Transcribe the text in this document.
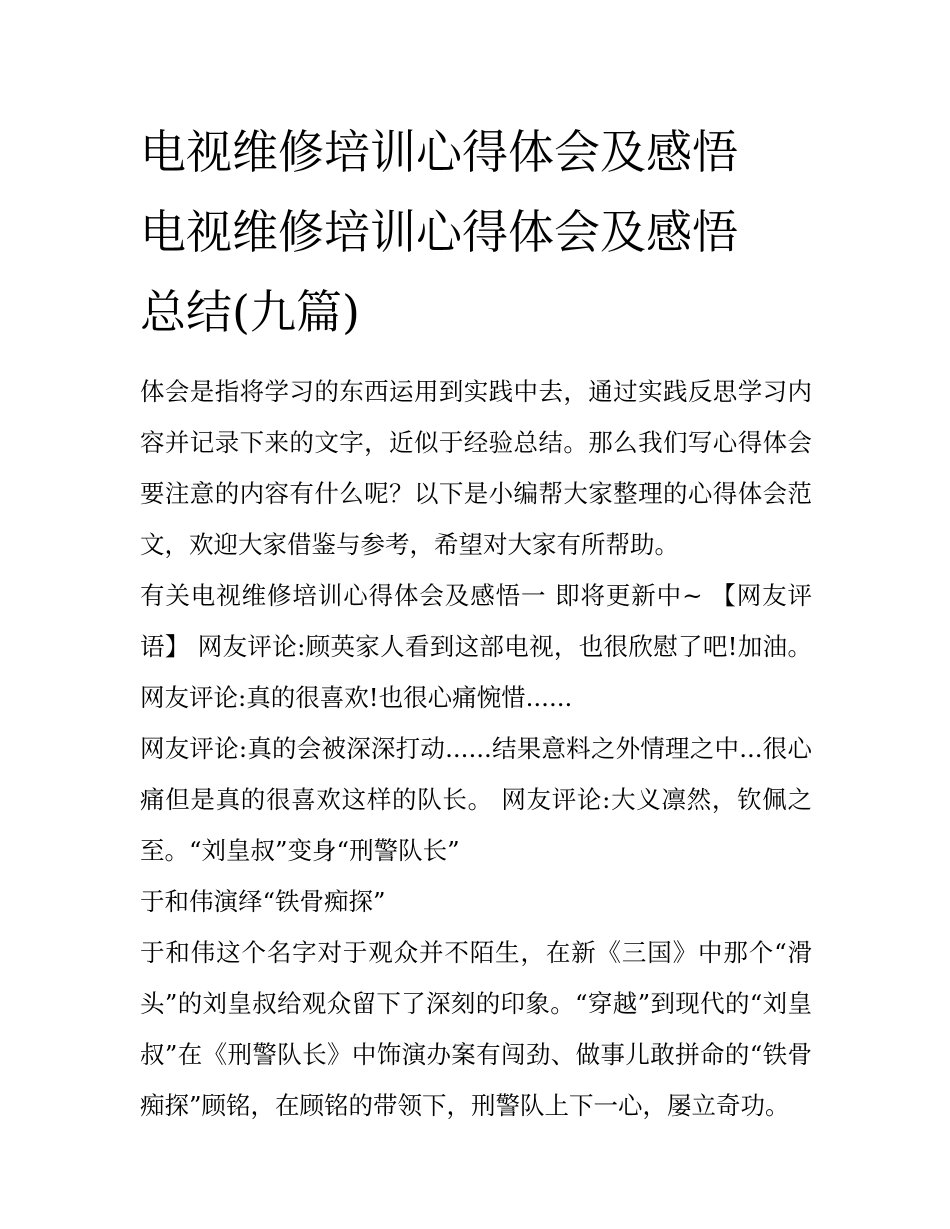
电视维修培训心得体会及感悟
电视维修培训心得体会及感悟
总结(九篇)

体会是指将学习的东西运用到实践中去，通过实践反思学习内容并记录下来的文字，近似于经验总结。那么我们写心得体会要注意的内容有什么呢？以下是小编帮大家整理的心得体会范文，欢迎大家借鉴与参考，希望对大家有所帮助。

有关电视维修培训心得体会及感悟一 即将更新中~ 【网友评语】 网友评论:顾英家人看到这部电视，也很欣慰了吧!加油。网友评论:真的很喜欢!也很心痛惋惜......

网友评论:真的会被深深打动......结果意料之外情理之中...很心痛但是真的很喜欢这样的队长。 网友评论:大义凛然，钦佩之至。“刘皇叔”变身“刑警队长”

于和伟演绎“铁骨痴探”

于和伟这个名字对于观众并不陌生，在新《三国》中那个“滑头”的刘皇叔给观众留下了深刻的印象。“穿越”到现代的“刘皇叔”在《刑警队长》中饰演办案有闯劲、做事儿敢拼命的“铁骨痴探”顾铭，在顾铭的带领下，刑警队上下一心，屡立奇功。
